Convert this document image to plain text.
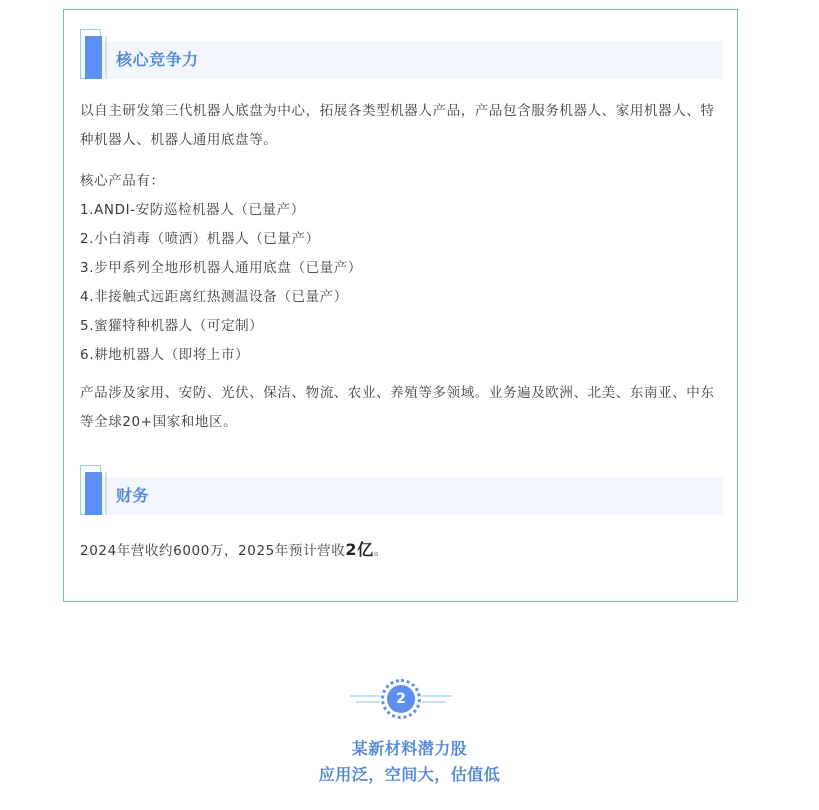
核心竞争力
以自主研发第三代机器人底盘为中心，拓展各类型机器人产品，产品包含服务机器人、家用机器人、特种机器人、机器人通用底盘等。
核心产品有：
1.ANDI-安防巡检机器人（已量产）
2.小白消毒（喷洒）机器人（已量产）
3.步甲系列全地形机器人通用底盘（已量产）
4.非接触式远距离红热测温设备（已量产）
5.蜜獾特种机器人（可定制）
6.耕地机器人（即将上市）
产品涉及家用、安防、光伏、保洁、物流、农业、养殖等多领域。业务遍及欧洲、北美、东南亚、中东等全球20+国家和地区。
财务
2024年营收约6000万，2025年预计营收2亿。
2
某新材料潜力股
应用泛，空间大，估值低
